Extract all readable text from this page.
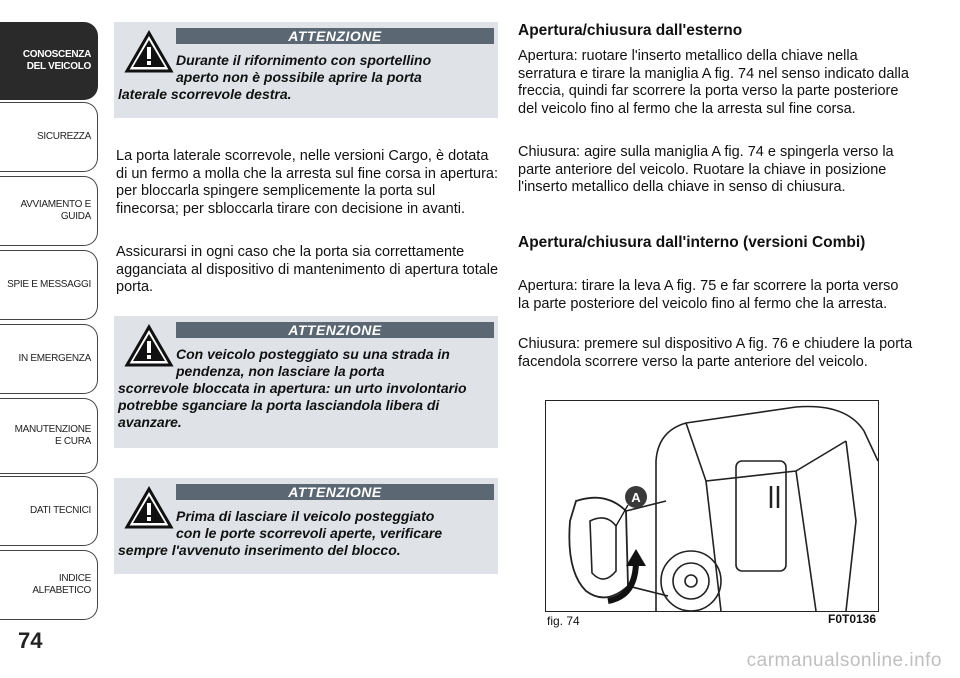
CONOSCENZA DEL VEICOLO
SICUREZZA
AVVIAMENTO E GUIDA
SPIE E MESSAGGI
IN EMERGENZA
MANUTENZIONE E CURA
DATI TECNICI
INDICE ALFABETICO
74
ATTENZIONE
Durante il rifornimento con sportellino
aperto non è possibile aprire la porta
laterale scorrevole destra.
La porta laterale scorrevole, nelle versioni Cargo, è dotata di un fermo a molla che la arresta sul fine corsa in apertura: per bloccarla spingere semplicemente la porta sul finecorsa; per sbloccarla tirare con decisione in avanti.
Assicurarsi in ogni caso che la porta sia correttamente agganciata al dispositivo di mantenimento di apertura totale porta.
ATTENZIONE
Con veicolo posteggiato su una strada in
pendenza, non lasciare la porta
scorrevole bloccata in apertura: un urto involontario potrebbe sganciare la porta lasciandola libera di avanzare.
ATTENZIONE
Prima di lasciare il veicolo posteggiato
con le porte scorrevoli aperte, verificare
sempre l'avvenuto inserimento del blocco.
Apertura/chiusura dall'esterno
Apertura: ruotare l'inserto metallico della chiave nella serratura e tirare la maniglia A fig. 74 nel senso indicato dalla freccia, quindi far scorrere la porta verso la parte posteriore del veicolo fino al fermo che la arresta sul fine corsa.
Chiusura: agire sulla maniglia A fig. 74 e spingerla verso la parte anteriore del veicolo. Ruotare la chiave in posizione l'inserto metallico della chiave in senso di chiusura.
Apertura/chiusura dall'interno (versioni Combi)
Apertura: tirare la leva A fig. 75 e far scorrere la porta verso la parte posteriore del veicolo fino al fermo che la arresta.
Chiusura: premere sul dispositivo A fig. 76 e chiudere la porta facendola scorrere verso la parte anteriore del veicolo.
A
fig. 74	F0T0136
carmanualsonline.info
